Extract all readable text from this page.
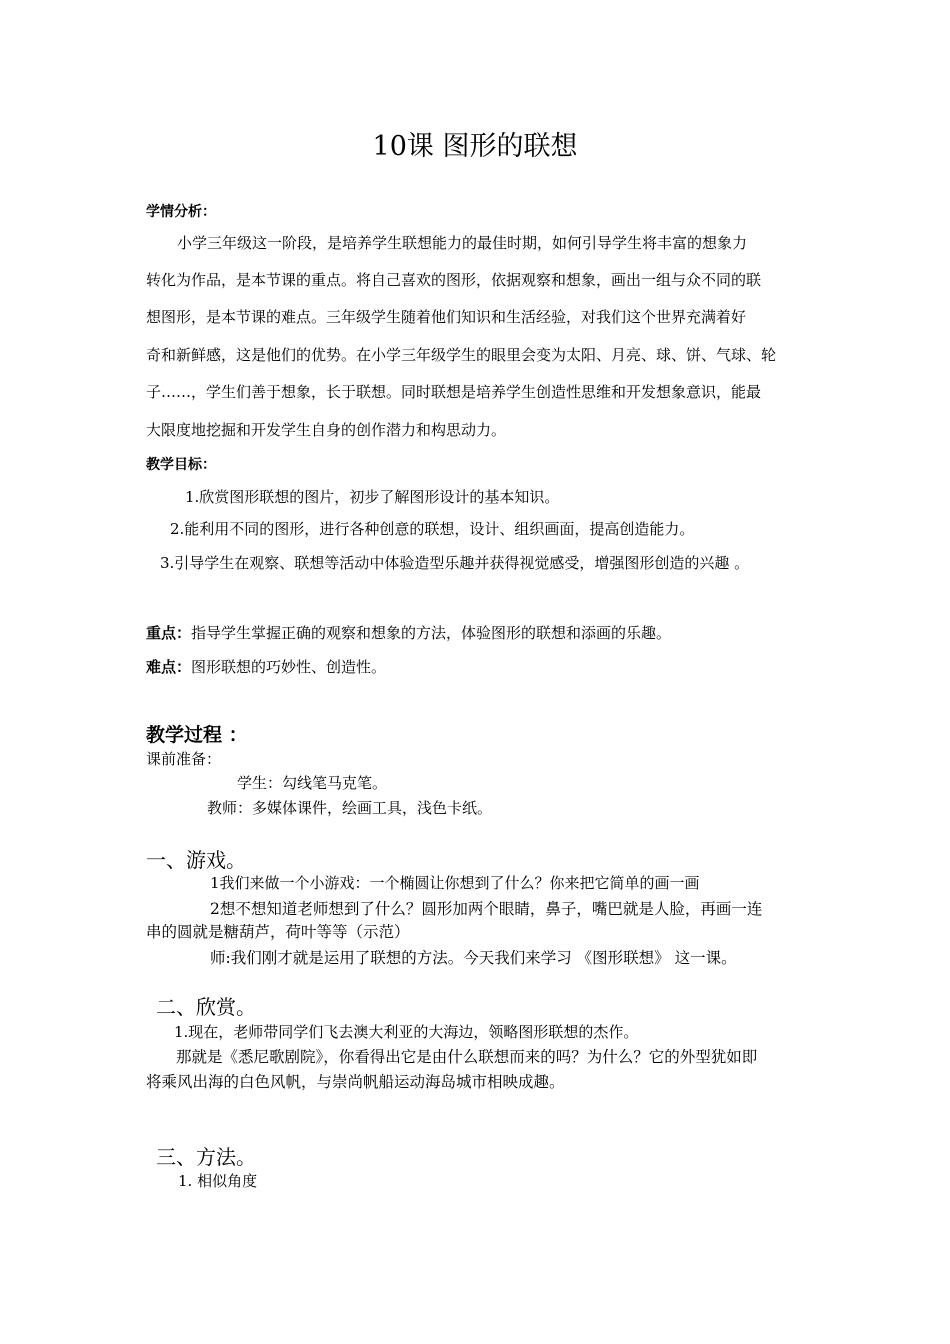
10课 图形的联想
学情分析：
小学三年级这一阶段，是培养学生联想能力的最佳时期，如何引导学生将丰富的想象力
转化为作品，是本节课的重点。将自己喜欢的图形，依据观察和想象，画出一组与众不同的联
想图形，是本节课的难点。三年级学生随着他们知识和生活经验，对我们这个世界充满着好
奇和新鲜感，这是他们的优势。在小学三年级学生的眼里会变为太阳、月亮、球、饼、气球、轮
子……，学生们善于想象，长于联想。同时联想是培养学生创造性思维和开发想象意识，能最
大限度地挖掘和开发学生自身的创作潜力和构思动力。
教学目标：
1.欣赏图形联想的图片，初步了解图形设计的基本知识。
2.能利用不同的图形，进行各种创意的联想，设计、组织画面，提高创造能力。
3.引导学生在观察、联想等活动中体验造型乐趣并获得视觉感受，增强图形创造的兴趣 。
重点：指导学生掌握正确的观察和想象的方法，体验图形的联想和添画的乐趣。
难点：图形联想的巧妙性、创造性。
教学过程 ：
课前准备：
学生：勾线笔马克笔。
教师：多媒体课件，绘画工具，浅色卡纸。
一、游戏。
1我们来做一个小游戏：一个椭圆让你想到了什么？你来把它简单的画一画
2想不想知道老师想到了什么？圆形加两个眼睛，鼻子，嘴巴就是人脸，再画一连
串的圆就是糖葫芦，荷叶等等（示范）
师:我们刚才就是运用了联想的方法。今天我们来学习 《图形联想》 这一课。
二、欣赏。
1.现在，老师带同学们飞去澳大利亚的大海边，领略图形联想的杰作。
那就是《悉尼歌剧院》，你看得出它是由什么联想而来的吗？为什么？它的外型犹如即
将乘风出海的白色风帆，与崇尚帆船运动海岛城市相映成趣。
三、方法。
1. 相似角度
